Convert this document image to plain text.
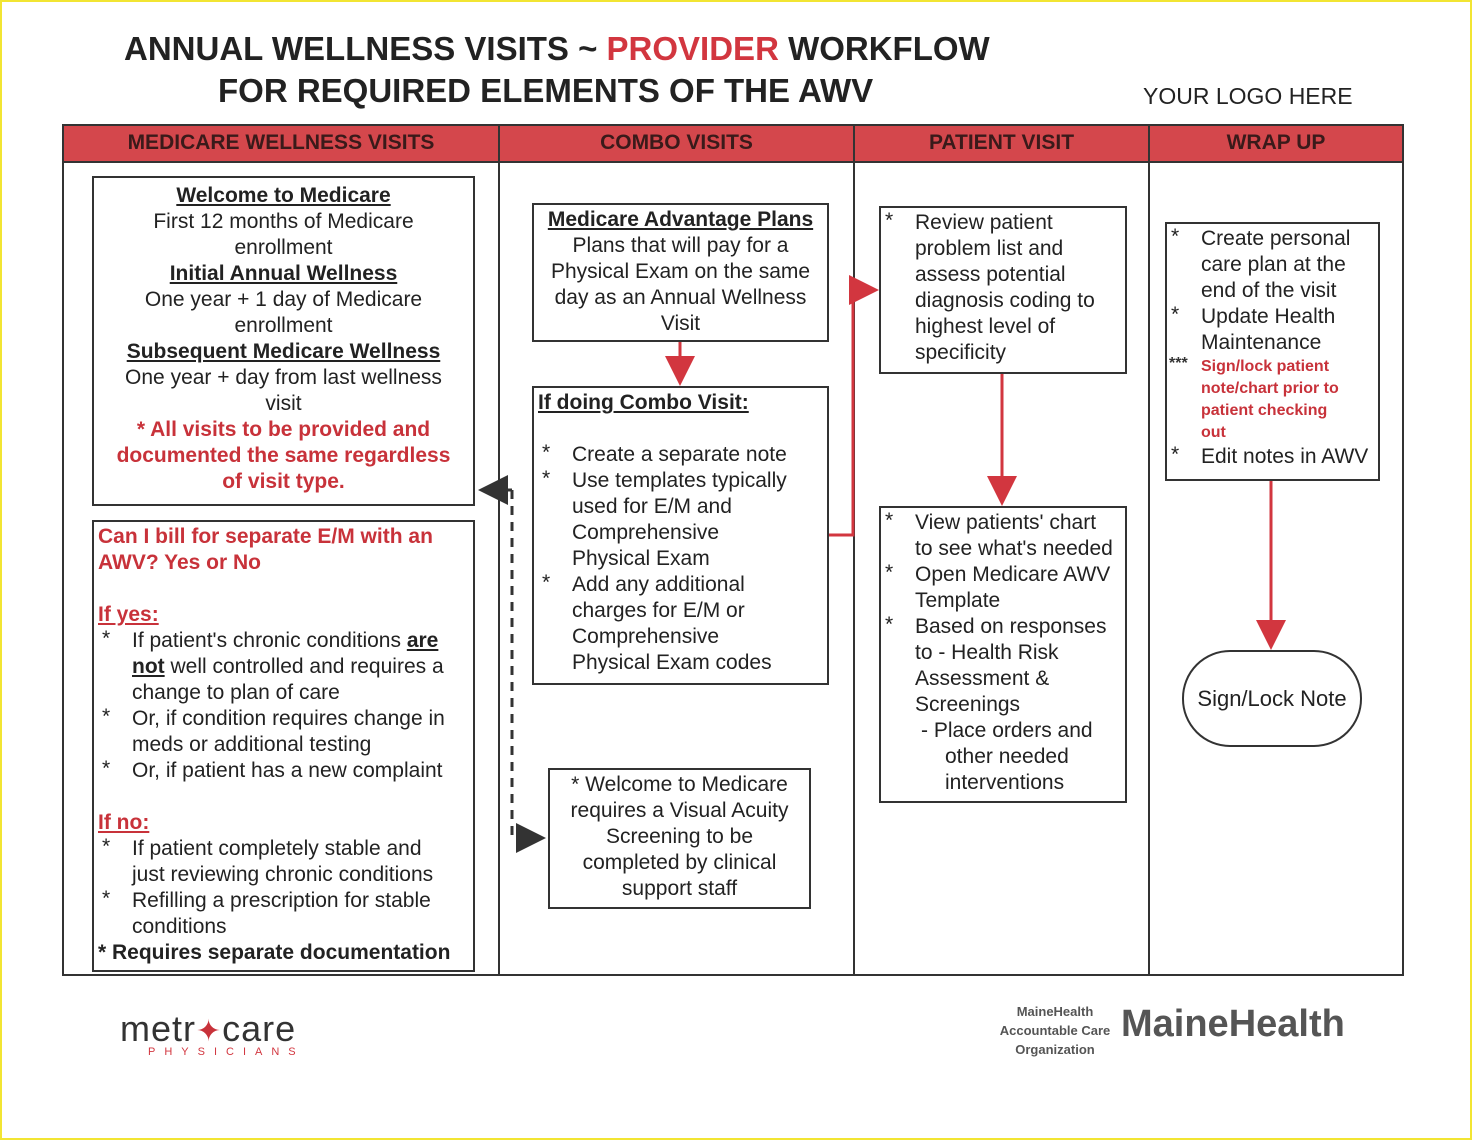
ANNUAL WELLNESS VISITS ~ PROVIDER WORKFLOW
FOR REQUIRED ELEMENTS OF THE AWV	YOUR LOGO HERE
MEDICARE WELLNESS VISITS	COMBO VISITS	PATIENT VISIT	WRAP UP
Welcome to Medicare
First 12 months of Medicare
enrollment
Initial Annual Wellness
One year + 1 day of Medicare
enrollment
Subsequent Medicare Wellness
One year + day from last wellness
visit
* All visits to be provided and
documented the same regardless
of visit type.
Can I bill for separate E/M with an
AWV? Yes or No

If yes:
* If patient's chronic conditions are
not well controlled and requires a
change to plan of care
* Or, if condition requires change in
meds or additional testing
* Or, if patient has a new complaint

If no:
* If patient completely stable and
just reviewing chronic conditions
* Refilling a prescription for stable
conditions
* Requires separate documentation
Medicare Advantage Plans
Plans that will pay for a
Physical Exam on the same
day as an Annual Wellness
Visit
If doing Combo Visit:

* Create a separate note
* Use templates typically
used for E/M and
Comprehensive
Physical Exam
* Add any additional
charges for E/M or
Comprehensive
Physical Exam codes
* Welcome to Medicare
requires a Visual Acuity
Screening to be
completed by clinical
support staff
* Review patient
problem list and
assess potential
diagnosis coding to
highest level of
specificity
* View patients' chart
to see what's needed
* Open Medicare AWV
Template
* Based on responses
to - Health Risk
Assessment &
Screenings
- Place orders and
other needed
interventions
* Create personal
care plan at the
end of the visit
* Update Health
Maintenance
*** Sign/lock patient
note/chart prior to
patient checking
out
* Edit notes in AWV
Sign/Lock Note
metr✦care
PHYSICIANS
MaineHealth
Accountable Care
Organization
MaineHealth
